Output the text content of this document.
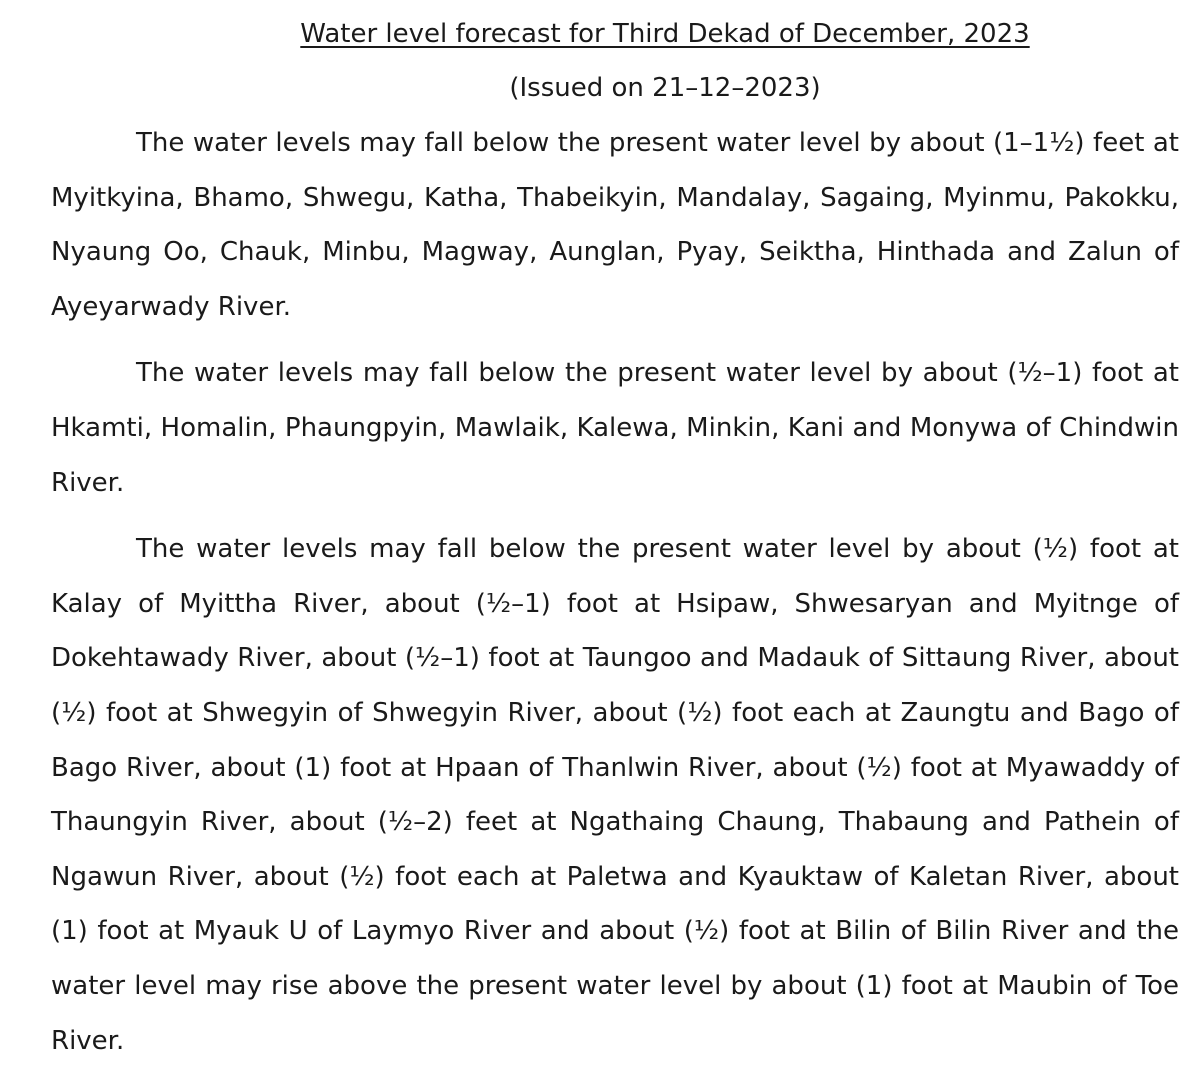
Water level forecast for Third Dekad of December, 2023
(Issued on 21–12–2023)

The water levels may fall below the present water level by about (1–1½) feet at Myitkyina, Bhamo, Shwegu, Katha, Thabeikyin, Mandalay, Sagaing, Myinmu, Pakokku, Nyaung Oo, Chauk, Minbu, Magway, Aunglan, Pyay, Seiktha, Hinthada and Zalun of Ayeyarwady River.

The water levels may fall below the present water level by about (½–1) foot at Hkamti, Homalin, Phaungpyin, Mawlaik, Kalewa, Minkin, Kani and Monywa of Chindwin River.

The water levels may fall below the present water level by about (½) foot at Kalay of Myittha River, about (½–1) foot at Hsipaw, Shwesaryan and Myitnge of Dokehtawady River, about (½–1) foot at Taungoo and Madauk of Sittaung River, about (½) foot at Shwegyin of Shwegyin River, about (½) foot each at Zaungtu and Bago of Bago River, about (1) foot at Hpaan of Thanlwin River, about (½) foot at Myawaddy of Thaungyin River, about (½–2) feet at Ngathaing Chaung, Thabaung and Pathein of Ngawun River, about (½) foot each at Paletwa and Kyauktaw of Kaletan River, about (1) foot at Myauk U of Laymyo River and about (½) foot at Bilin of Bilin River and the water level may rise above the present water level by about (1) foot at Maubin of Toe River.
